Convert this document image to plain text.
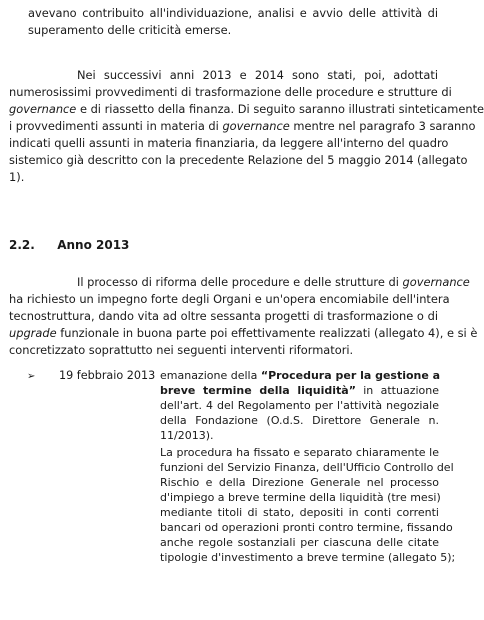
avevano contribuito all'individuazione, analisi e avvio delle attività di
superamento delle criticità emerse.
Nei successivi anni 2013 e 2014 sono stati, poi, adottati
numerosissimi provvedimenti di trasformazione delle procedure e strutture di
governance e di riassetto della finanza. Di seguito saranno illustrati sinteticamente
i provvedimenti assunti in materia di governance mentre nel paragrafo 3 saranno
indicati quelli assunti in materia finanziaria, da leggere all'interno del quadro
sistemico già descritto con la precedente Relazione del 5 maggio 2014 (allegato
1).
2.2. Anno 2013
Il processo di riforma delle procedure e delle strutture di governance
ha richiesto un impegno forte degli Organi e un'opera encomiabile dell'intera
tecnostruttura, dando vita ad oltre sessanta progetti di trasformazione o di
upgrade funzionale in buona parte poi effettivamente realizzati (allegato 4), e si è
concretizzato soprattutto nei seguenti interventi riformatori.
➢ 19 febbraio 2013 emanazione della “Procedura per la gestione a
breve termine della liquidità” in attuazione
dell'art. 4 del Regolamento per l'attività negoziale
della Fondazione (O.d.S. Direttore Generale n.
11/2013).
La procedura ha fissato e separato chiaramente le
funzioni del Servizio Finanza, dell'Ufficio Controllo del
Rischio e della Direzione Generale nel processo
d'impiego a breve termine della liquidità (tre mesi)
mediante titoli di stato, depositi in conti correnti
bancari od operazioni pronti contro termine, fissando
anche regole sostanziali per ciascuna delle citate
tipologie d'investimento a breve termine (allegato 5);
